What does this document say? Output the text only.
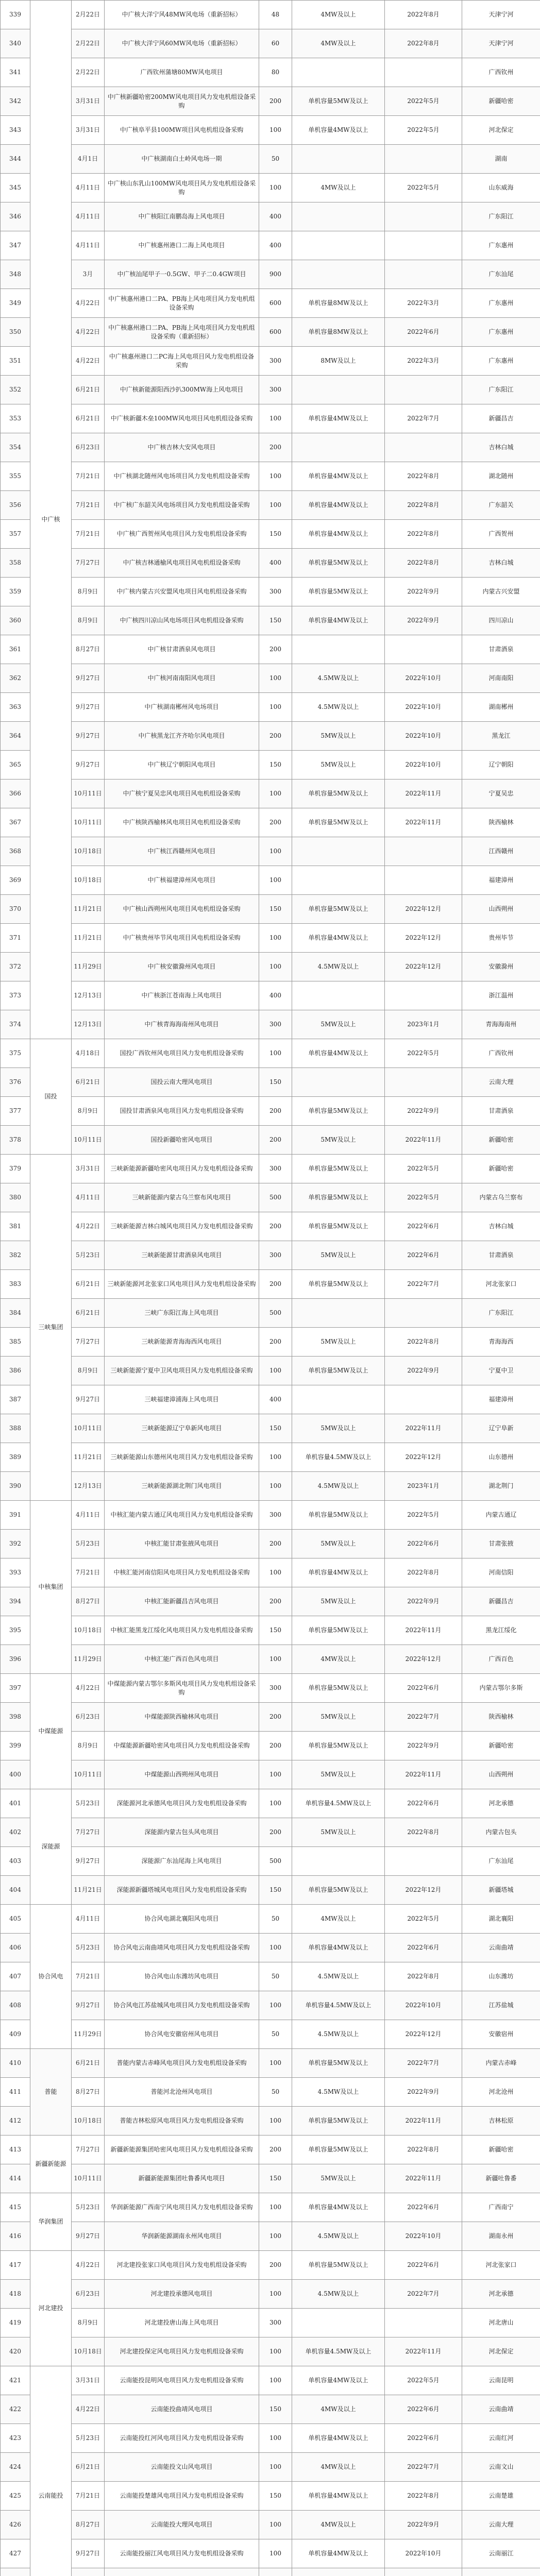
339	中广核	2月22日	中广核大洋宁风48MW风电场（重新招标）	48	4MW及以上	2022年8月	天津宁河
340		2月22日	中广核大洋宁风60MW风电场（重新招标）	60	4MW及以上	2022年8月	天津宁河
341		2月22日	广西钦州蒲塘80MW风电项目	80			广西钦州
342		3月31日	中广核新疆哈密200MW风电项目风力发电机组设备采购	200	单机容量5MW及以上	2022年5月	新疆哈密
343		3月31日	中广核阜平县100MW项目风电机组设备采购	100	单机容量4MW及以上	2022年5月	河北保定
344		4月1日	中广核湖南白土岭风电场一期	50			湖南
345		4月11日	中广核山东乳山100MW风电项目风力发电机组设备采购	100	4MW及以上	2022年5月	山东威海
346		4月11日	中广核阳江南鹏岛海上风电项目	400			广东阳江
347		4月11日	中广核惠州港口二海上风电项目	400			广东惠州
348		3月	中广核汕尾甲子一0.5GW、甲子二0.4GW项目	900			广东汕尾
349		4月22日	中广核惠州港口二PA、PB海上风电项目风力发电机组设备采购	600	单机容量8MW及以上	2022年3月	广东惠州
350		4月22日	中广核惠州港口二PA、PB海上风电项目风力发电机组设备采购（重新招标）	600	单机容量8MW及以上	2022年6月	广东惠州
351		4月22日	中广核惠州港口二PC海上风电项目风力发电机组设备采购	300	8MW及以上	2022年3月	广东惠州
352		6月21日	中广核新能源阳西沙扒300MW海上风电项目	300			广东阳江
353		6月21日	中广核新疆木垒100MW风电项目风电机组设备采购	100	单机容量4MW及以上	2022年7月	新疆昌吉
354		6月23日	中广核吉林大安风电项目	200			吉林白城
355		7月21日	中广核湖北随州风电场项目风力发电机组设备采购	100	单机容量4MW及以上	2022年8月	湖北随州
356		7月21日	中广核广东韶关风电场项目风力发电机组设备采购	100	单机容量4MW及以上	2022年8月	广东韶关
357		7月21日	中广核广西贺州风电项目风力发电机组设备采购	150	单机容量4MW及以上	2022年8月	广西贺州
358		7月27日	中广核吉林通榆风电项目风电机组设备采购	400	单机容量5MW及以上	2022年8月	吉林白城
359		8月9日	中广核内蒙古兴安盟风电项目风电机组设备采购	300	单机容量5MW及以上	2022年9月	内蒙古兴安盟
360		8月9日	中广核四川凉山风电场项目风电机组设备采购	150	单机容量4MW及以上	2022年9月	四川凉山
361		8月27日	中广核甘肃酒泉风电项目	200			甘肃酒泉
362		9月27日	中广核河南南阳风电项目	100	4.5MW及以上	2022年10月	河南南阳
363		9月27日	中广核湖南郴州风电场项目	100	4.5MW及以上	2022年10月	湖南郴州
364		9月27日	中广核黑龙江齐齐哈尔风电项目	200	5MW及以上	2022年10月	黑龙江
365		9月27日	中广核辽宁朝阳风电项目	150	5MW及以上	2022年10月	辽宁朝阳
366		10月11日	中广核宁夏吴忠风电项目风电机组设备采购	100	单机容量5MW及以上	2022年11月	宁夏吴忠
367		10月11日	中广核陕西榆林风电项目风电机组设备采购	200	单机容量5MW及以上	2022年11月	陕西榆林
368		10月18日	中广核江西赣州风电项目	100			江西赣州
369		10月18日	中广核福建漳州风电项目	100			福建漳州
370		11月21日	中广核山西朔州风电项目风电机组设备采购	150	单机容量5MW及以上	2022年12月	山西朔州
371		11月21日	中广核贵州毕节风电项目风电机组设备采购	100	单机容量4MW及以上	2022年12月	贵州毕节
372		11月29日	中广核安徽滁州风电项目	100	4.5MW及以上	2022年12月	安徽滁州
373		12月13日	中广核浙江苍南海上风电项目	400			浙江温州
374		12月13日	中广核青海海南州风电项目	300	5MW及以上	2023年1月	青海海南州
375	国投	4月18日	国投广西钦州风电项目风力发电机组设备采购	100	单机容量4MW及以上	2022年5月	广西钦州
376		6月21日	国投云南大理风电项目	150			云南大理
377		8月9日	国投甘肃酒泉风电项目风力发电机组设备采购	200	单机容量5MW及以上	2022年9月	甘肃酒泉
378		10月11日	国投新疆哈密风电项目	200	5MW及以上	2022年11月	新疆哈密
379	三峡集团	3月31日	三峡新能源新疆哈密风电项目风力发电机组设备采购	300	单机容量5MW及以上	2022年5月	新疆哈密
380		4月11日	三峡新能源内蒙古乌兰察布风电项目	500	单机容量5MW及以上	2022年5月	内蒙古乌兰察布
381		4月22日	三峡新能源吉林白城风电项目风力发电机组设备采购	200	单机容量5MW及以上	2022年6月	吉林白城
382		5月23日	三峡新能源甘肃酒泉风电项目	300	5MW及以上	2022年6月	甘肃酒泉
383		6月21日	三峡新能源河北张家口风电项目风力发电机组设备采购	200	单机容量5MW及以上	2022年7月	河北张家口
384		6月21日	三峡广东阳江海上风电项目	500			广东阳江
385		7月27日	三峡新能源青海海西风电项目	200	5MW及以上	2022年8月	青海海西
386		8月9日	三峡新能源宁夏中卫风电项目风力发电机组设备采购	100	单机容量5MW及以上	2022年9月	宁夏中卫
387		9月27日	三峡福建漳浦海上风电项目	400			福建漳州
388		10月11日	三峡新能源辽宁阜新风电项目	150	5MW及以上	2022年11月	辽宁阜新
389		11月21日	三峡新能源山东德州风电项目风力发电机组设备采购	100	单机容量4.5MW及以上	2022年12月	山东德州
390		12月13日	三峡新能源湖北荆门风电项目	100	4.5MW及以上	2023年1月	湖北荆门
391	中核集团	4月11日	中核汇能内蒙古通辽风电项目风力发电机组设备采购	300	单机容量5MW及以上	2022年5月	内蒙古通辽
392		5月23日	中核汇能甘肃张掖风电项目	200	5MW及以上	2022年6月	甘肃张掖
393		7月21日	中核汇能河南信阳风电项目风力发电机组设备采购	100	单机容量4MW及以上	2022年8月	河南信阳
394		8月27日	中核汇能新疆昌吉风电项目	200	5MW及以上	2022年9月	新疆昌吉
395		10月18日	中核汇能黑龙江绥化风电项目风力发电机组设备采购	150	单机容量5MW及以上	2022年11月	黑龙江绥化
396		11月29日	中核汇能广西百色风电项目	100	4MW及以上	2022年12月	广西百色
397	中煤能源	4月22日	中煤能源内蒙古鄂尔多斯风电项目风力发电机组设备采购	300	单机容量5MW及以上	2022年6月	内蒙古鄂尔多斯
398		6月23日	中煤能源陕西榆林风电项目	200	5MW及以上	2022年7月	陕西榆林
399		8月9日	中煤能源新疆哈密风电项目风力发电机组设备采购	200	单机容量5MW及以上	2022年9月	新疆哈密
400		10月11日	中煤能源山西朔州风电项目	100	5MW及以上	2022年11月	山西朔州
401	深能源	5月23日	深能源河北承德风电项目风力发电机组设备采购	100	单机容量4.5MW及以上	2022年6月	河北承德
402		7月27日	深能源内蒙古包头风电项目	200	5MW及以上	2022年8月	内蒙古包头
403		9月27日	深能源广东汕尾海上风电项目	500			广东汕尾
404		11月21日	深能源新疆塔城风电项目风力发电机组设备采购	150	单机容量5MW及以上	2022年12月	新疆塔城
405	协合风电	4月11日	协合风电湖北襄阳风电项目	50	4MW及以上	2022年5月	湖北襄阳
406		5月23日	协合风电云南曲靖风电项目风力发电机组设备采购	100	单机容量4MW及以上	2022年6月	云南曲靖
407		7月21日	协合风电山东潍坊风电项目	50	4.5MW及以上	2022年8月	山东潍坊
408		9月27日	协合风电江苏盐城风电项目风力发电机组设备采购	100	单机容量4.5MW及以上	2022年10月	江苏盐城
409		11月29日	协合风电安徽宿州风电项目	50	4.5MW及以上	2022年12月	安徽宿州
410	普能	6月21日	普能内蒙古赤峰风电项目风力发电机组设备采购	100	单机容量5MW及以上	2022年7月	内蒙古赤峰
411		8月27日	普能河北沧州风电项目	50	4.5MW及以上	2022年9月	河北沧州
412		10月18日	普能吉林松原风电项目风力发电机组设备采购	100	单机容量5MW及以上	2022年11月	吉林松原
413	新疆新能源	7月27日	新疆新能源集团哈密风电项目风力发电机组设备采购	200	单机容量5MW及以上	2022年8月	新疆哈密
414		10月11日	新疆新能源集团吐鲁番风电项目	150	5MW及以上	2022年11月	新疆吐鲁番
415	华润集团	5月23日	华润新能源广西南宁风电项目风力发电机组设备采购	100	单机容量4MW及以上	2022年6月	广西南宁
416		9月27日	华润新能源湖南永州风电项目	100	4.5MW及以上	2022年10月	湖南永州
417	河北建投	4月22日	河北建投张家口风电项目风力发电机组设备采购	200	单机容量5MW及以上	2022年6月	河北张家口
418		6月23日	河北建投承德风电项目	100	4.5MW及以上	2022年7月	河北承德
419		8月9日	河北建投唐山海上风电项目	300			河北唐山
420		10月18日	河北建投保定风电项目风力发电机组设备采购	100	单机容量4.5MW及以上	2022年11月	河北保定
421	云南能投	3月31日	云南能投昆明风电项目风力发电机组设备采购	100	单机容量4MW及以上	2022年5月	云南昆明
422		4月22日	云南能投曲靖风电项目	150	4MW及以上	2022年6月	云南曲靖
423		5月23日	云南能投红河风电项目风力发电机组设备采购	100	单机容量4MW及以上	2022年6月	云南红河
424		6月21日	云南能投文山风电项目	100	4MW及以上	2022年7月	云南文山
425		7月21日	云南能投楚雄风电项目风力发电机组设备采购	150	单机容量4MW及以上	2022年8月	云南楚雄
426		8月27日	云南能投大理风电项目	100	4MW及以上	2022年9月	云南大理
427		9月27日	云南能投丽江风电项目风力发电机组设备采购	100	单机容量4MW及以上	2022年10月	云南丽江
